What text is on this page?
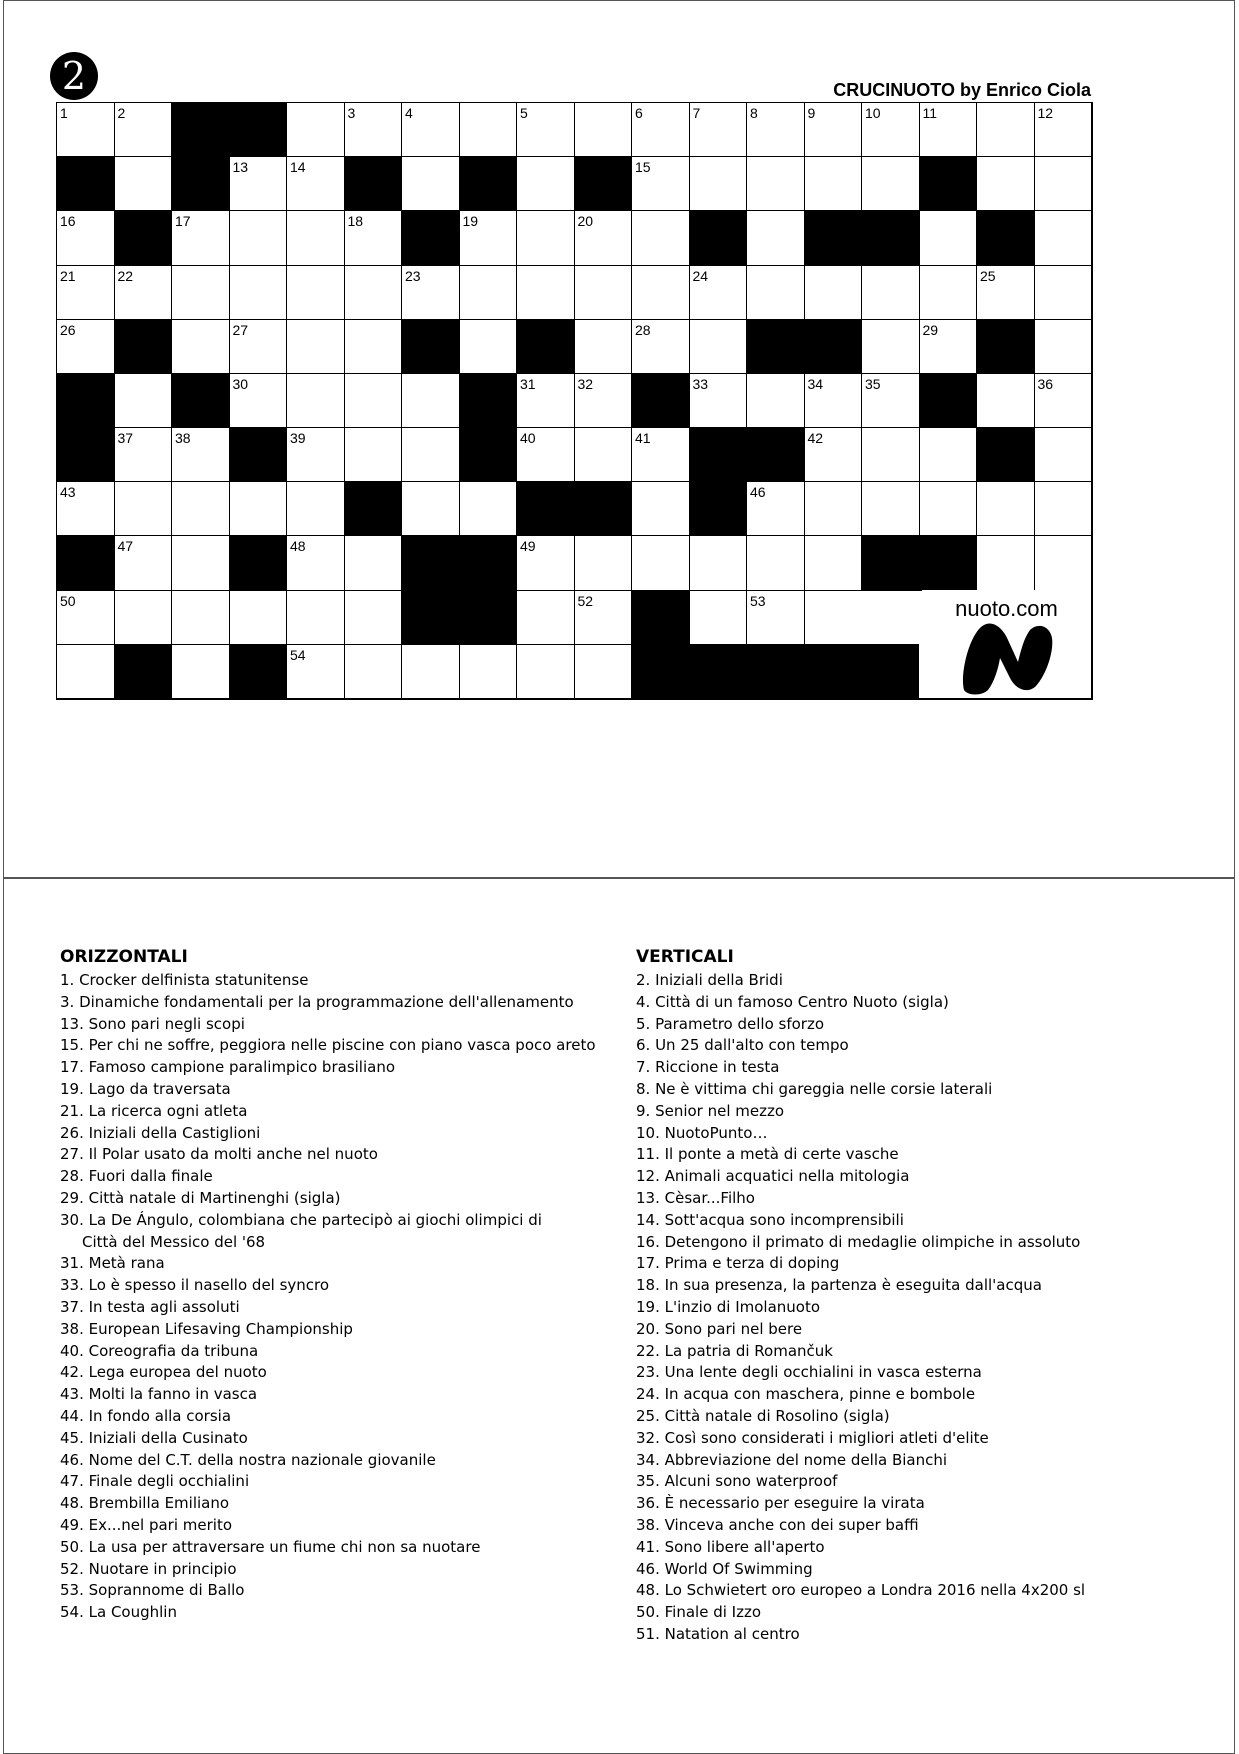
2	CRUCINUOTO by Enrico Ciola
1	2	3	4	5	6	7	8	9	10	11	12
13	14	15
16	17	18	19	20
21	22	23	24	25
26	27	28	29
30	31	32	33	34	35	36
37	38	39	40	41	42
43	44	45	46
47	48	49
50	51	52	53
54
nuoto.com
ORIZZONTALI
1. Crocker delfinista statunitense
3. Dinamiche fondamentali per la programmazione dell'allenamento
13. Sono pari negli scopi
15. Per chi ne soffre, peggiora nelle piscine con piano vasca poco areto
17. Famoso campione paralimpico brasiliano
19. Lago da traversata
21. La ricerca ogni atleta
26. Iniziali della Castiglioni
27. Il Polar usato da molti anche nel nuoto
28. Fuori dalla finale
29. Città natale di Martinenghi (sigla)
30. La De Ángulo, colombiana che partecipò ai giochi olimpici di
Città del Messico del '68
31. Metà rana
33. Lo è spesso il nasello del syncro
37. In testa agli assoluti
38. European Lifesaving Championship
40. Coreografia da tribuna
42. Lega europea del nuoto
43. Molti la fanno in vasca
44. In fondo alla corsia
45. Iniziali della Cusinato
46. Nome del C.T. della nostra nazionale giovanile
47. Finale degli occhialini
48. Brembilla Emiliano
49. Ex...nel pari merito
50. La usa per attraversare un fiume chi non sa nuotare
52. Nuotare in principio
53. Soprannome di Ballo
54. La Coughlin
VERTICALI
2. Iniziali della Bridi
4. Città di un famoso Centro Nuoto (sigla)
5. Parametro dello sforzo
6. Un 25 dall'alto con tempo
7. Riccione in testa
8. Ne è vittima chi gareggia nelle corsie laterali
9. Senior nel mezzo
10. NuotoPunto…
11. Il ponte a metà di certe vasche
12. Animali acquatici nella mitologia
13. Cèsar...Filho
14. Sott'acqua sono incomprensibili
16. Detengono il primato di medaglie olimpiche in assoluto
17. Prima e terza di doping
18. In sua presenza, la partenza è eseguita dall'acqua
19. L'inzio di Imolanuoto
20. Sono pari nel bere
22. La patria di Romančuk
23. Una lente degli occhialini in vasca esterna
24. In acqua con maschera, pinne e bombole
25. Città natale di Rosolino (sigla)
32. Così sono considerati i migliori atleti d'elite
34. Abbreviazione del nome della Bianchi
35. Alcuni sono waterproof
36. È necessario per eseguire la virata
38. Vinceva anche con dei super baffi
41. Sono libere all'aperto
46. World Of Swimming
48. Lo Schwietert oro europeo a Londra 2016 nella 4x200 sl
50. Finale di Izzo
51. Natation al centro
